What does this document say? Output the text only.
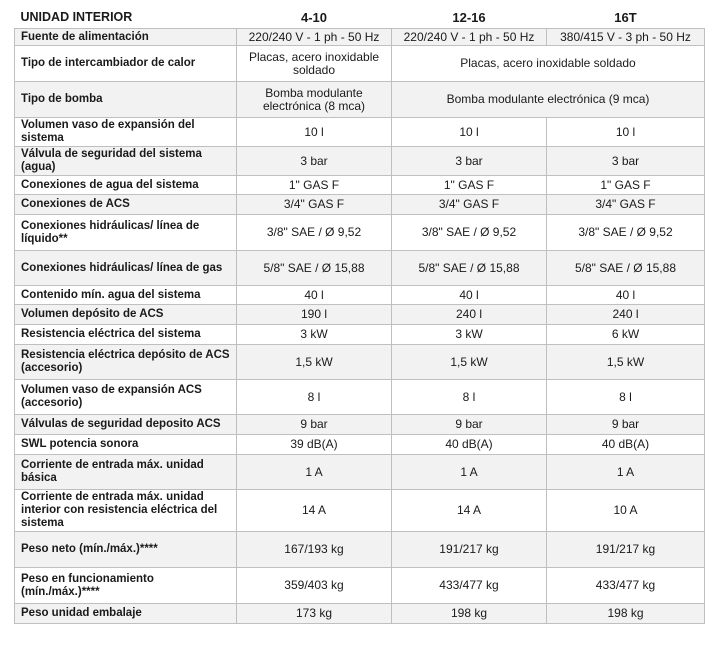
UNIDAD INTERIOR	4-10	12-16	16T
Fuente de alimentación	220/240 V - 1 ph - 50 Hz	220/240 V - 1 ph - 50 Hz	380/415 V - 3 ph - 50 Hz
Tipo de intercambiador de calor	Placas, acero inoxidable soldado	Placas, acero inoxidable soldado	
Tipo de bomba	Bomba modulante electrónica (8 mca)	Bomba modulante electrónica (9 mca)	
Volumen vaso de expansión del sistema	10 l	10 l	10 l
Válvula de seguridad del sistema (agua)	3 bar	3 bar	3 bar
Conexiones de agua del sistema	1" GAS F	1" GAS F	1" GAS F
Conexiones de ACS	3/4" GAS F	3/4" GAS F	3/4" GAS F
Conexiones hidráulicas/ línea de líquido**	3/8" SAE / Ø 9,52	3/8" SAE / Ø 9,52	3/8" SAE / Ø 9,52
Conexiones hidráulicas/ línea de gas	5/8" SAE / Ø 15,88	5/8" SAE / Ø 15,88	5/8" SAE / Ø 15,88
Contenido mín. agua del sistema	40 l	40 l	40 l
Volumen depósito de ACS	190 l	240 l	240 l
Resistencia eléctrica del sistema	3 kW	3 kW	6 kW
Resistencia eléctrica depósito de ACS (accesorio)	1,5 kW	1,5 kW	1,5 kW
Volumen vaso de expansión ACS (accesorio)	8 l	8 l	8 l
Válvulas de seguridad deposito ACS	9 bar	9 bar	9 bar
SWL potencia sonora	39 dB(A)	40 dB(A)	40 dB(A)
Corriente de entrada máx. unidad básica	1 A	1 A	1 A
Corriente de entrada máx. unidad interior con resistencia eléctrica del sistema	14 A	14 A	10 A
Peso neto (mín./máx.)****	167/193 kg	191/217 kg	191/217 kg
Peso en funcionamiento (mín./máx.)****	359/403 kg	433/477 kg	433/477 kg
Peso unidad embalaje	173 kg	198 kg	198 kg
